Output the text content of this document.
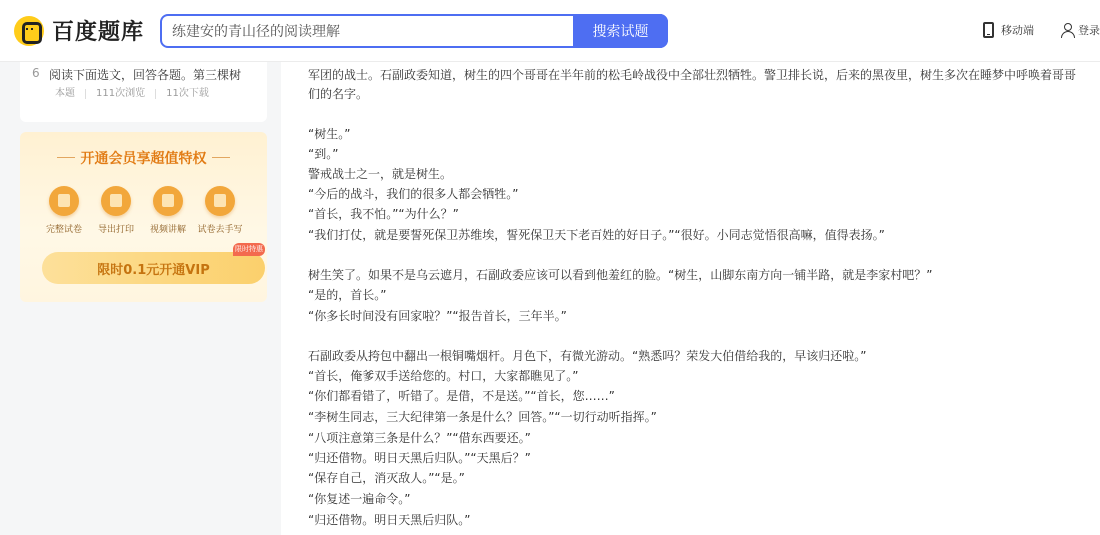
百度题库
练建安的青山径的阅读理解	搜索试题	移动端	登录
6 阅读下面选文，回答各题。第三棵树
本题	111次浏览	11次下载
开通会员享超值特权
完整试卷	导出打印	视频讲解	试卷去手写
限时0.1元开通VIP
限时特惠
军团的战士。石副政委知道，树生的四个哥哥在半年前的松毛岭战役中全部壮烈牺牲。警卫排长说，后来的黑夜里，树生多次在睡梦中呼唤着哥哥
们的名字。
“树生。”
“到。”
警戒战士之一，就是树生。
“今后的战斗，我们的很多人都会牺牲。”
“首长，我不怕。”“为什么？”
“我们打仗，就是要誓死保卫苏维埃，誓死保卫天下老百姓的好日子。”“很好。小同志觉悟很高嘛，值得表扬。”
树生笑了。如果不是乌云遮月，石副政委应该可以看到他羞红的脸。“树生，山脚东南方向一铺半路，就是李家村吧？”
“是的，首长。”
“你多长时间没有回家啦？”“报告首长，三年半。”
石副政委从挎包中翻出一根铜嘴烟杆。月色下，有微光游动。“熟悉吗？荣发大伯借给我的，早该归还啦。”
“首长，俺爹双手送给您的。村口，大家都瞧见了。”
“你们都看错了，听错了。是借，不是送。”“首长，您……”
“李树生同志，三大纪律第一条是什么？回答。”“一切行动听指挥。”
“八项注意第三条是什么？”“借东西要还。”
“归还借物。明日天黑后归队。”“天黑后？”
“保存自己，消灭敌人。”“是。”
“你复述一遍命令。”
“归还借物。明日天黑后归队。”
